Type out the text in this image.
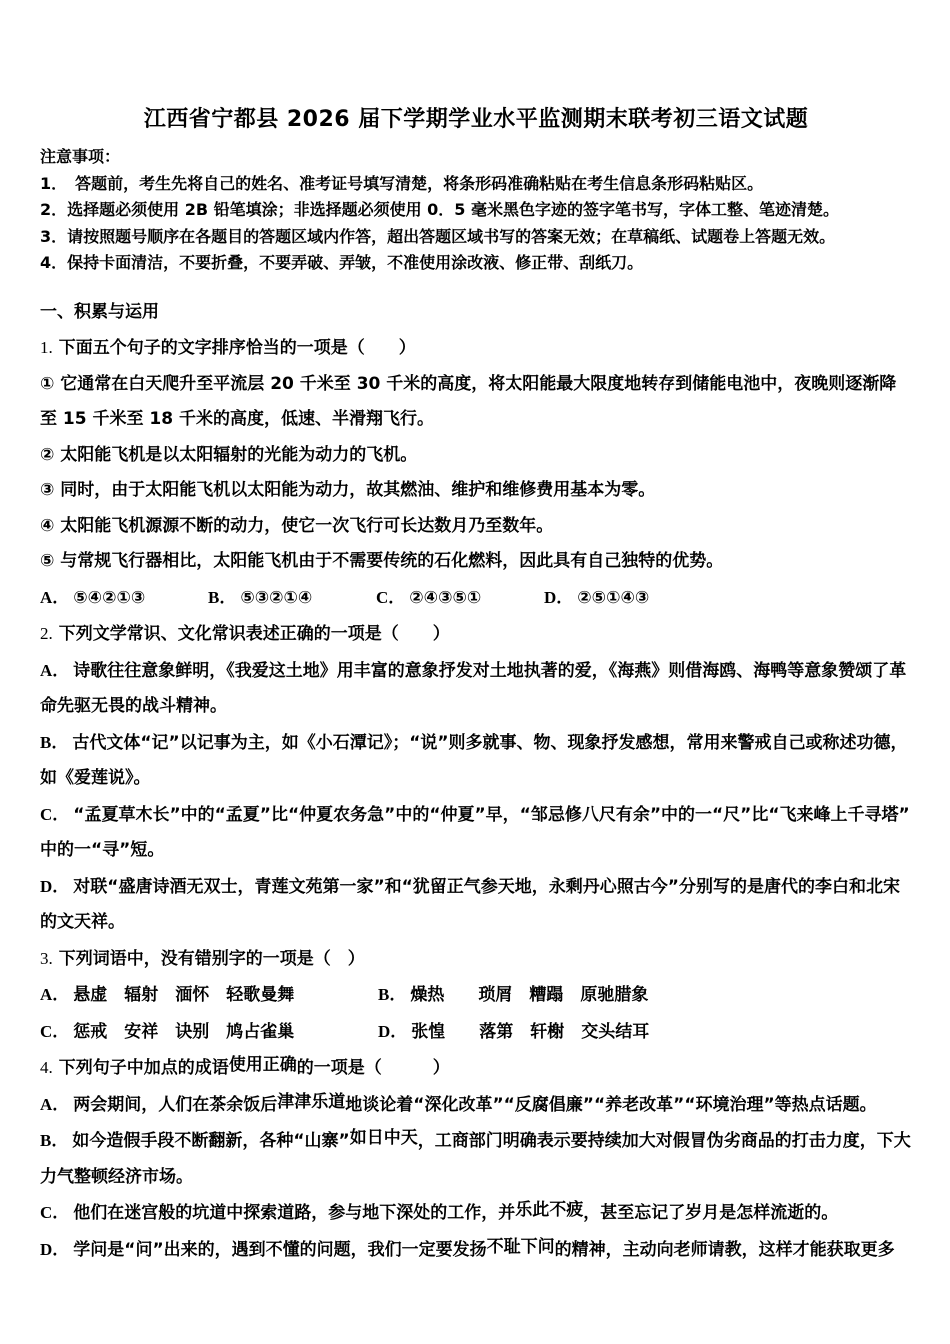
江西省宁都县 2026 届下学期学业水平监测期末联考初三语文试题

注意事项：

1．　答题前，考生先将自己的姓名、准考证号填写清楚，将条形码准确粘贴在考生信息条形码粘贴区。

2．选择题必须使用 2B 铅笔填涂；非选择题必须使用 0．5 毫米黑色字迹的签字笔书写，字体工整、笔迹清楚。

3．请按照题号顺序在各题目的答题区域内作答，超出答题区域书写的答案无效；在草稿纸、试题卷上答题无效。

4．保持卡面清洁，不要折叠，不要弄破、弄皱，不准使用涂改液、修正带、刮纸刀。

一、积累与运用

1. 下面五个句子的文字排序恰当的一项是（　　）

① 它通常在白天爬升至平流层 20 千米至 30 千米的高度，将太阳能最大限度地转存到储能电池中，夜晚则逐渐降至 15 千米至 18 千米的高度，低速、半滑翔飞行。

② 太阳能飞机是以太阳辐射的光能为动力的飞机。

③ 同时，由于太阳能飞机以太阳能为动力，故其燃油、维护和维修费用基本为零。

④ 太阳能飞机源源不断的动力，使它一次飞行可长达数月乃至数年。

⑤ 与常规飞行器相比，太阳能飞机由于不需要传统的石化燃料，因此具有自己独特的优势。

A． ⑤④②①③	B． ⑤③②①④	C． ②④③⑤①	D． ②⑤①④③

2. 下列文学常识、文化常识表述正确的一项是（　　）

A． 诗歌往往意象鲜明，《我爱这土地》用丰富的意象抒发对土地执著的爱，《海燕》则借海鸥、海鸭等意象赞颂了革命先驱无畏的战斗精神。

B． 古代文体“记”以记事为主，如《小石潭记》；“说”则多就事、物、现象抒发感想，常用来警戒自己或称述功德，如《爱莲说》。

C． “孟夏草木长”中的“孟夏”比“仲夏农务急”中的“仲夏”早，“邹忌修八尺有余”中的一“尺”比“飞来峰上千寻塔”中的一“寻”短。

D． 对联“盛唐诗酒无双士，青莲文苑第一家”和“犹留正气参天地，永剩丹心照古今”分别写的是唐代的李白和北宋的文天祥。

3. 下列词语中，没有错别字的一项是（　）

A． 悬虚　辐射　湎怀　轻歌曼舞	B． 燥热　　琐屑　糟蹋　原驰腊象
C． 惩戒　安祥　诀别　鸠占雀巢	D． 张惶　　落第　轩榭　交头结耳

4. 下列句子中加点的成语使用正确的一项是（　　　）

A． 两会期间，人们在茶余饭后津津乐道地谈论着“深化改革”“反腐倡廉”“养老改革”“环境治理”等热点话题。

B． 如今造假手段不断翻新，各种“山寨”如日中天，工商部门明确表示要持续加大对假冒伪劣商品的打击力度，下大力气整顿经济市场。

C． 他们在迷宫般的坑道中探索道路，参与地下深处的工作，并乐此不疲，甚至忘记了岁月是怎样流逝的。

D． 学问是“问”出来的，遇到不懂的问题，我们一定要发扬不耻下问的精神，主动向老师请教，这样才能获取更多
